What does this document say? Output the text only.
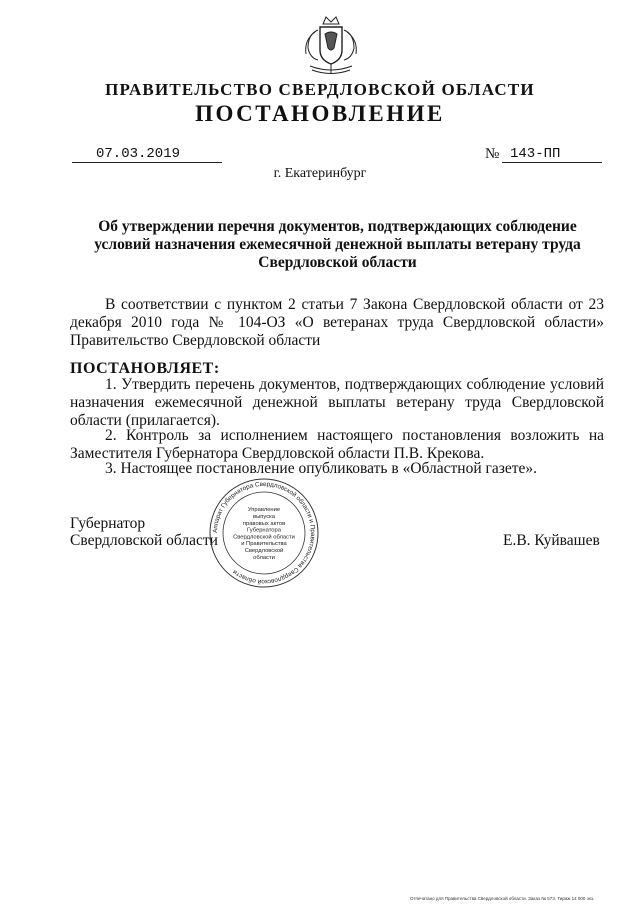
ПРАВИТЕЛЬСТВО СВЕРДЛОВСКОЙ ОБЛАСТИ
ПОСТАНОВЛЕНИЕ
07.03.2019	№ 143-ПП
г. Екатеринбург
Об утверждении перечня документов, подтверждающих соблюдение условий назначения ежемесячной денежной выплаты ветерану труда Свердловской области
В соответствии с пунктом 2 статьи 7 Закона Свердловской области от 23 декабря 2010 года № 104-ОЗ «О ветеранах труда Свердловской области» Правительство Свердловской области
ПОСТАНОВЛЯЕТ:
1. Утвердить перечень документов, подтверждающих соблюдение условий назначения ежемесячной денежной выплаты ветерану труда Свердловской области (прилагается).
2. Контроль за исполнением настоящего постановления возложить на Заместителя Губернатора Свердловской области П.В. Крекова.
3. Настоящее постановление опубликовать в «Областной газете».
Губернатор
Свердловской области	Е.В. Куйвашев
Аппарат Губернатора Свердловской области и Правительства Свердловской области
Управление
выпуска
правовых актов
Губернатора
Свердловской области
и Правительства
Свердловской
области
Отпечатано для Правительства Свердловской области. Заказ № 573. Тираж 14 000 экз.
